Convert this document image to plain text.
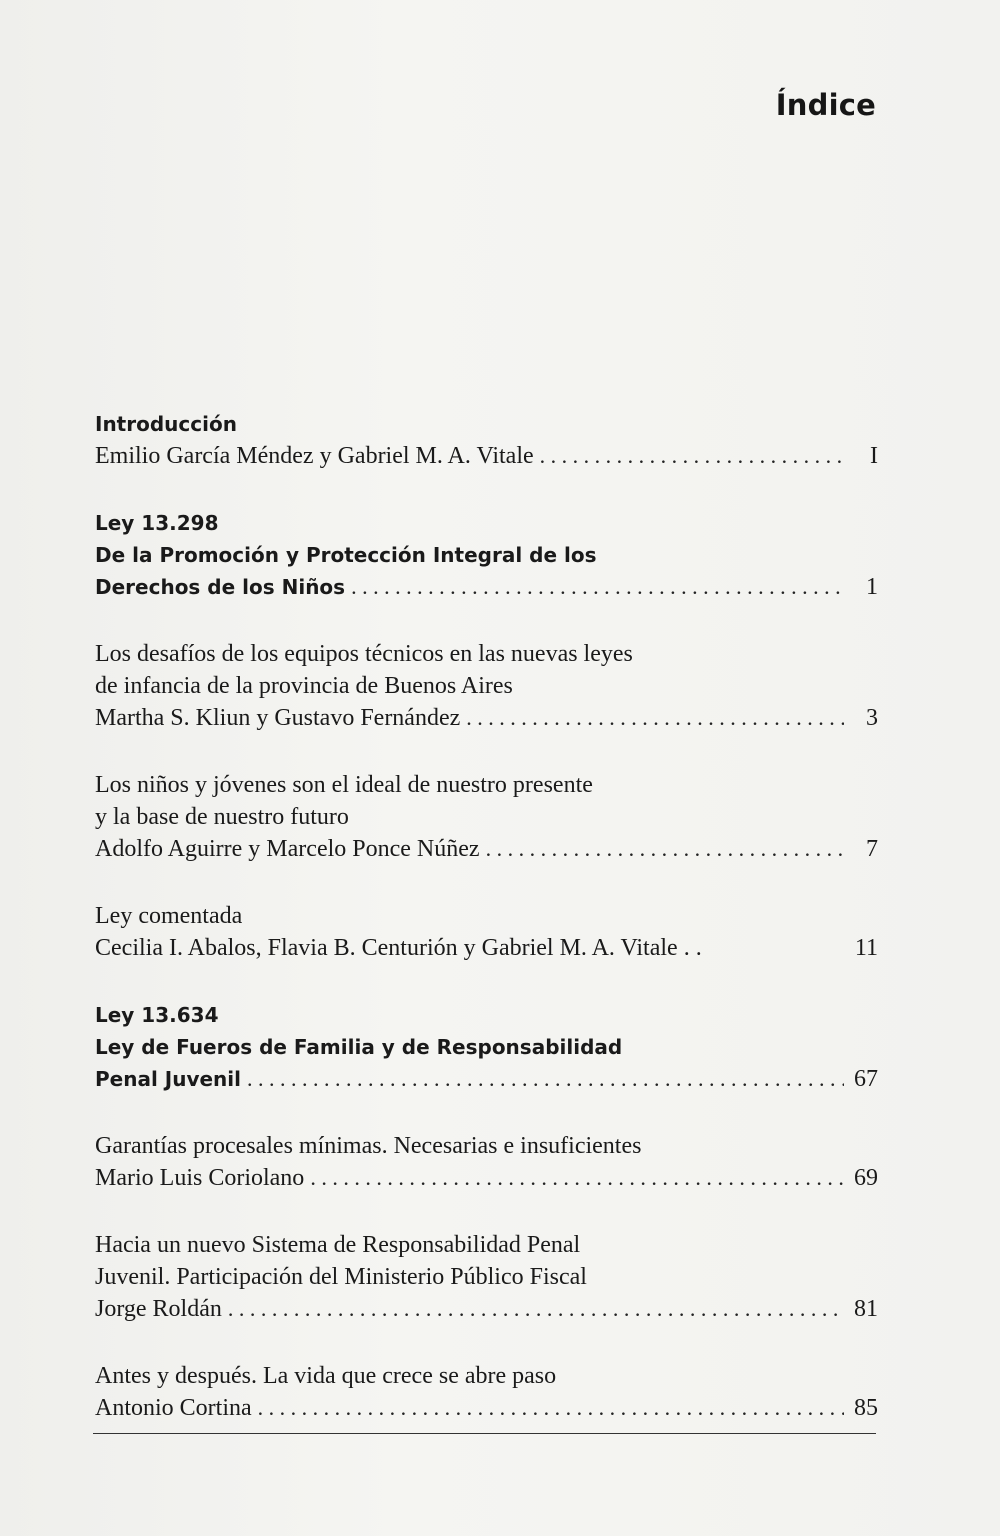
Índice
Introducción
Emilio García Méndez y Gabriel M. A. Vitale . . .	I
Ley 13.298
De la Promoción y Protección Integral de los
Derechos de los Niños . . .	1
Los desafíos de los equipos técnicos en las nuevas leyes
de infancia de la provincia de Buenos Aires
Martha S. Kliun y Gustavo Fernández . . .	3
Los niños y jóvenes son el ideal de nuestro presente
y la base de nuestro futuro
Adolfo Aguirre y Marcelo Ponce Núñez . . .	7
Ley comentada
Cecilia I. Abalos, Flavia B. Centurión y Gabriel M. A. Vitale . .	11
Ley 13.634
Ley de Fueros de Familia y de Responsabilidad
Penal Juvenil . . .	67
Garantías procesales mínimas. Necesarias e insuficientes
Mario Luis Coriolano . . .	69
Hacia un nuevo Sistema de Responsabilidad Penal
Juvenil. Participación del Ministerio Público Fiscal
Jorge Roldán . . .	81
Antes y después. La vida que crece se abre paso
Antonio Cortina . . .	85
